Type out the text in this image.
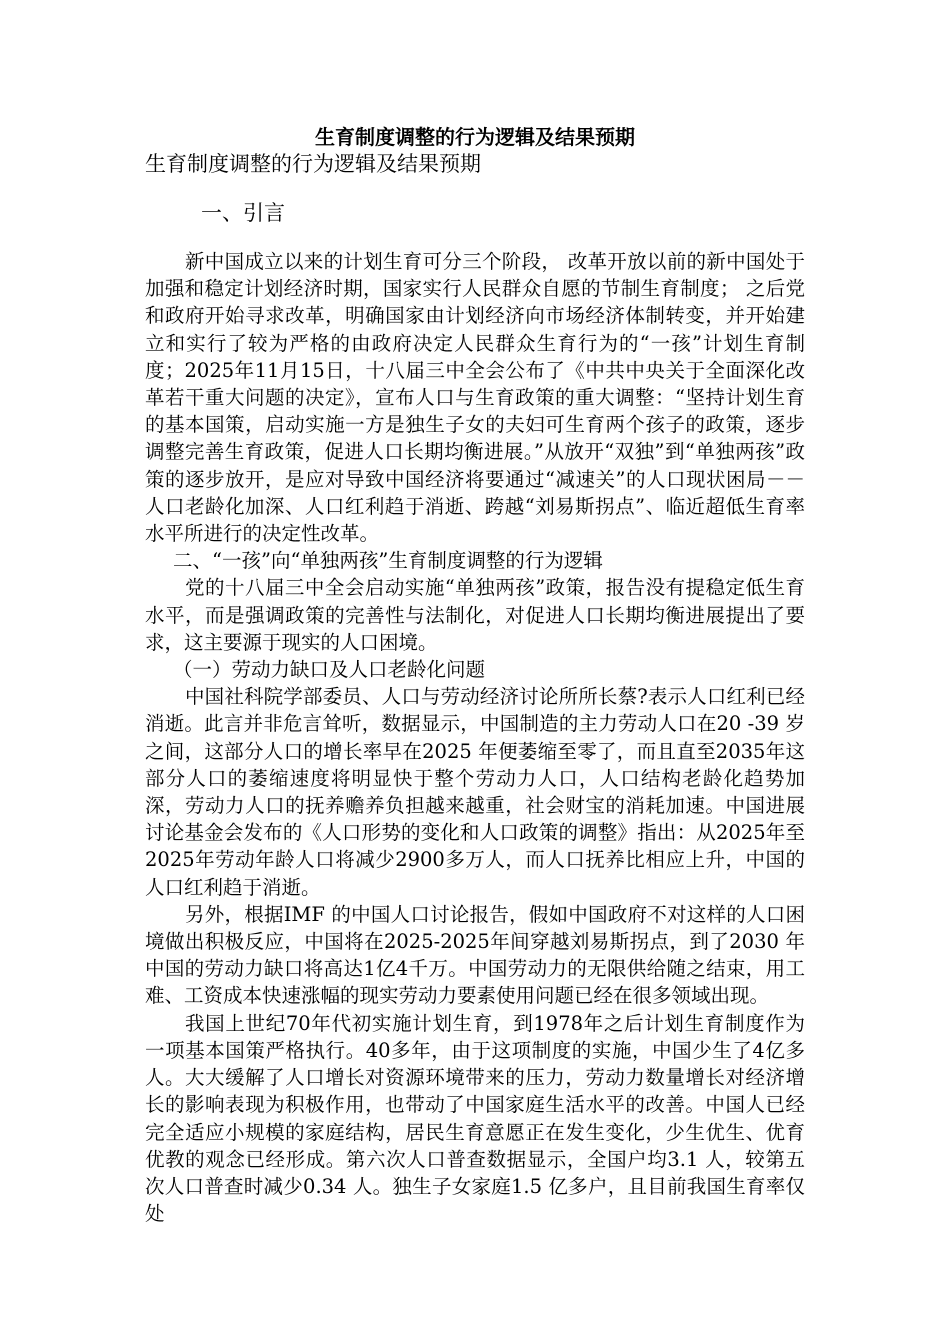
生育制度调整的行为逻辑及结果预期
生育制度调整的行为逻辑及结果预期
一、引言

新中国成立以来的计划生育可分三个阶段， 改革开放以前的新中国处于加强和稳定计划经济时期，国家实行人民群众自愿的节制生育制度； 之后党和政府开始寻求改革，明确国家由计划经济向市场经济体制转变，并开始建立和实行了较为严格的由政府决定人民群众生育行为的“一孩”计划生育制度；2025年11月15日，十八届三中全会公布了《中共中央关于全面深化改革若干重大问题的决定》，宣布人口与生育政策的重大调整：“坚持计划生育的基本国策，启动实施一方是独生子女的夫妇可生育两个孩子的政策，逐步调整完善生育政策，促进人口长期均衡进展。”从放开“双独”到“单独两孩”政策的逐步放开，是应对导致中国经济将要通过“减速关”的人口现状困局－－人口老龄化加深、人口红利趋于消逝、跨越“刘易斯拐点”、临近超低生育率水平所进行的决定性改革。

二、“一孩”向“单独两孩”生育制度调整的行为逻辑

党的十八届三中全会启动实施“单独两孩”政策，报告没有提稳定低生育水平，而是强调政策的完善性与法制化，对促进人口长期均衡进展提出了要求，这主要源于现实的人口困境。

（一）劳动力缺口及人口老龄化问题

中国社科院学部委员、人口与劳动经济讨论所所长蔡?表示人口红利已经消逝。此言并非危言耸听，数据显示，中国制造的主力劳动人口在20 -39 岁之间，这部分人口的增长率早在2025 年便萎缩至零了，而且直至2035年这部分人口的萎缩速度将明显快于整个劳动力人口，人口结构老龄化趋势加深，劳动力人口的抚养赡养负担越来越重，社会财宝的消耗加速。中国进展讨论基金会发布的《人口形势的变化和人口政策的调整》指出：从2025年至2025年劳动年龄人口将减少2900多万人，而人口抚养比相应上升，中国的人口红利趋于消逝。

另外，根据IMF 的中国人口讨论报告，假如中国政府不对这样的人口困境做出积极反应，中国将在2025-2025年间穿越刘易斯拐点，到了2030 年中国的劳动力缺口将高达1亿4千万。中国劳动力的无限供给随之结束，用工难、工资成本快速涨幅的现实劳动力要素使用问题已经在很多领域出现。

我国上世纪70年代初实施计划生育，到1978年之后计划生育制度作为一项基本国策严格执行。40多年，由于这项制度的实施，中国少生了4亿多人。大大缓解了人口增长对资源环境带来的压力，劳动力数量增长对经济增长的影响表现为积极作用，也带动了中国家庭生活水平的改善。中国人已经完全适应小规模的家庭结构，居民生育意愿正在发生变化，少生优生、优育优教的观念已经形成。第六次人口普查数据显示，全国户均3.1 人，较第五次人口普查时减少0.34 人。独生子女家庭1.5 亿多户，且目前我国生育率仅处
